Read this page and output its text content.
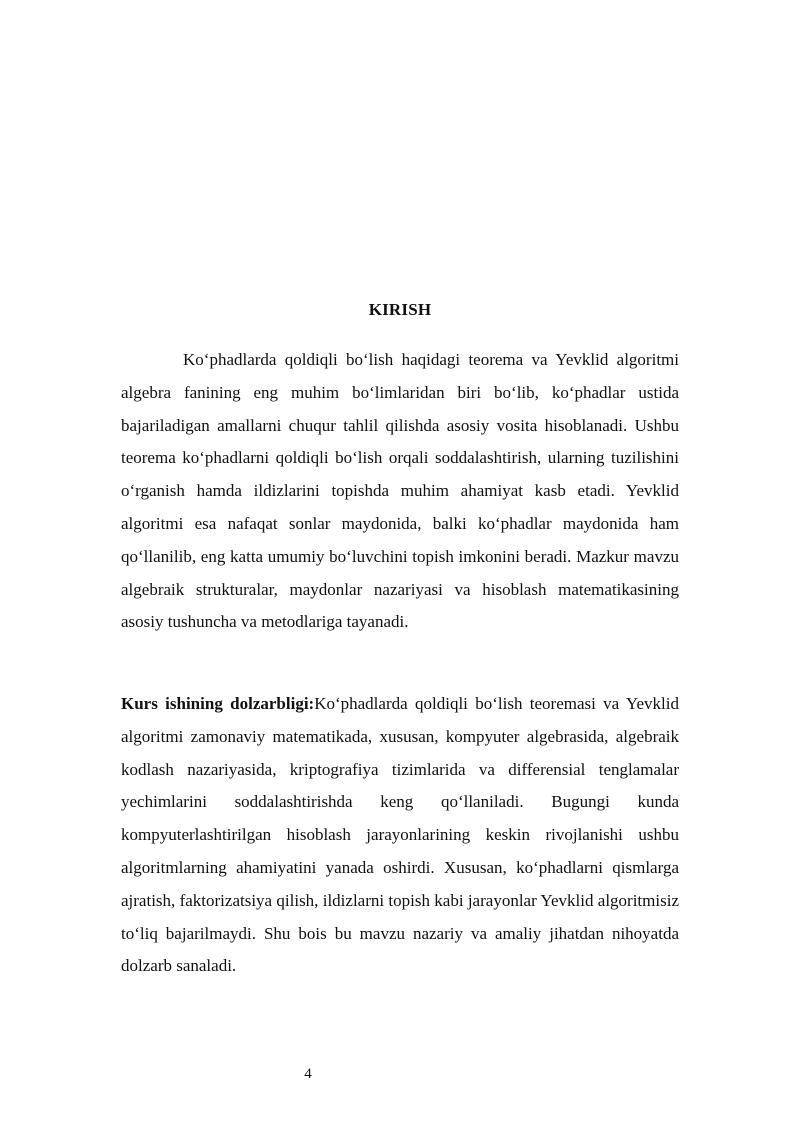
KIRISH

Ko‘phadlarda qoldiqli bo‘lish haqidagi teorema va Yevklid algoritmi algebra fanining eng muhim bo‘limlaridan biri bo‘lib, ko‘phadlar ustida bajariladigan amallarni chuqur tahlil qilishda asosiy vosita hisoblanadi. Ushbu teorema ko‘phadlarni qoldiqli bo‘lish orqali soddalashtirish, ularning tuzilishini o‘rganish hamda ildizlarini topishda muhim ahamiyat kasb etadi. Yevklid algoritmi esa nafaqat sonlar maydonida, balki ko‘phadlar maydonida ham qo‘llanilib, eng katta umumiy bo‘luvchini topish imkonini beradi. Mazkur mavzu algebraik strukturalar, maydonlar nazariyasi va hisoblash matematikasining asosiy tushuncha va metodlariga tayanadi.

Kurs ishining dolzarbligi:Ko‘phadlarda qoldiqli bo‘lish teoremasi va Yevklid algoritmi zamonaviy matematikada, xususan, kompyuter algebrasida, algebraik kodlash nazariyasida, kriptografiya tizimlarida va differensial tenglamalar yechimlarini soddalashtirishda keng qo‘llaniladi. Bugungi kunda kompyuterlashtirilgan hisoblash jarayonlarining keskin rivojlanishi ushbu algoritmlarning ahamiyatini yanada oshirdi. Xususan, ko‘phadlarni qismlarga ajratish, faktorizatsiya qilish, ildizlarni topish kabi jarayonlar Yevklid algoritmisiz to‘liq bajarilmaydi. Shu bois bu mavzu nazariy va amaliy jihatdan nihoyatda dolzarb sanaladi.

4
